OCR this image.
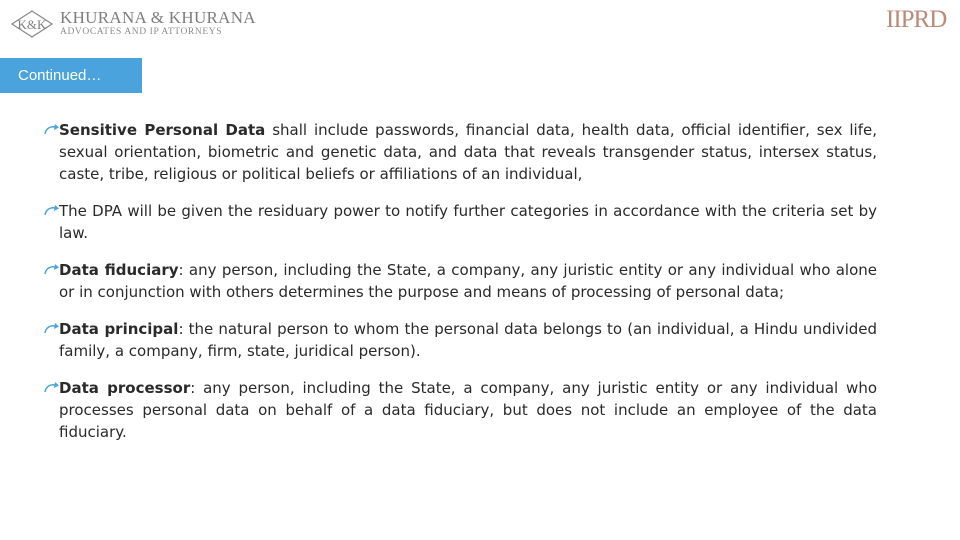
K&K KHURANA & KHURANA
ADVOCATES AND IP ATTORNEYS	IIPRD
Continued…
Sensitive Personal Data shall include passwords, financial data, health data, official identifier, sex life, sexual orientation, biometric and genetic data, and data that reveals transgender status, intersex status, caste, tribe, religious or political beliefs or affiliations of an individual,
The DPA will be given the residuary power to notify further categories in accordance with the criteria set by law.
Data fiduciary: any person, including the State, a company, any juristic entity or any individual who alone or in conjunction with others determines the purpose and means of processing of personal data;
Data principal: the natural person to whom the personal data belongs to (an individual, a Hindu undivided family, a company, firm, state, juridical person).
Data processor: any person, including the State, a company, any juristic entity or any individual who processes personal data on behalf of a data fiduciary, but does not include an employee of the data fiduciary.
